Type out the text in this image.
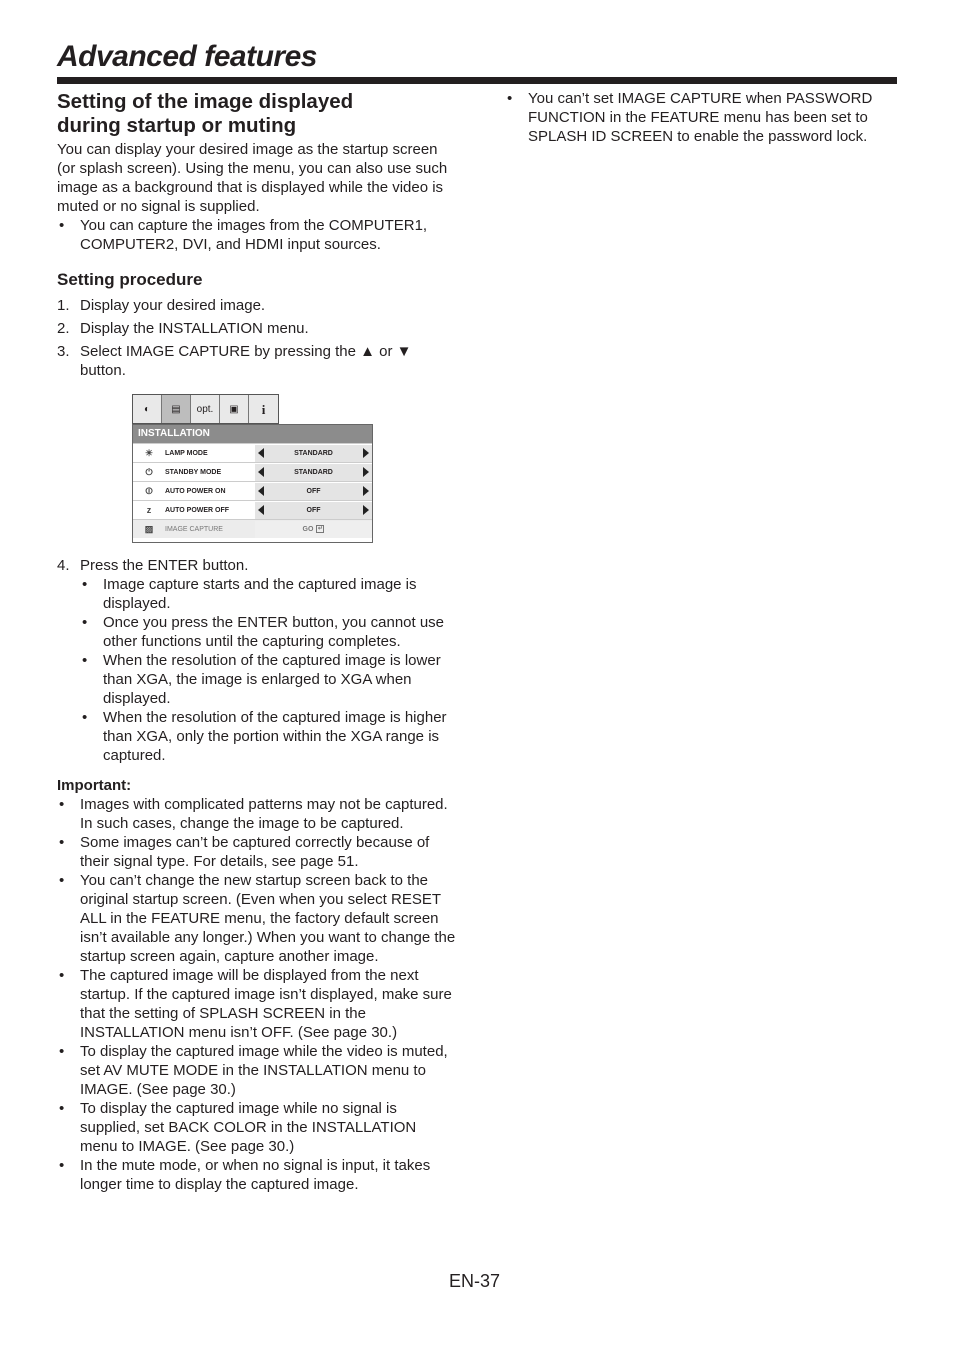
Advanced features
Setting of the image displayed
during startup or muting
You can display your desired image as the startup screen (or splash screen). Using the menu, you can also use such image as a background that is displayed while the video is muted or no signal is supplied.
• You can capture the images from the COMPUTER1, COMPUTER2, DVI, and HDMI input sources.
Setting procedure
1. Display your desired image.
2. Display the INSTALLATION menu.
3. Select IMAGE CAPTURE by pressing the ▲ or ▼ button.
◐	▤	opt.	▣	i
INSTALLATION
☀	LAMP MODE	STANDARD
⏻	STANDBY MODE	STANDARD
⏼	AUTO POWER ON	OFF
z	AUTO POWER OFF	OFF
▨	IMAGE CAPTURE	GO ↵
4. Press the ENTER button.
• Image capture starts and the captured image is displayed.
• Once you press the ENTER button, you cannot use other functions until the capturing completes.
• When the resolution of the captured image is lower than XGA, the image is enlarged to XGA when displayed.
• When the resolution of the captured image is higher than XGA, only the portion within the XGA range is captured.
Important:
• Images with complicated patterns may not be captured. In such cases, change the image to be captured.
• Some images can’t be captured correctly because of their signal type. For details, see page 51.
• You can’t change the new startup screen back to the original startup screen. (Even when you select RESET ALL in the FEATURE menu, the factory default screen isn’t available any longer.) When you want to change the startup screen again, capture another image.
• The captured image will be displayed from the next startup. If the captured image isn’t displayed, make sure that the setting of SPLASH SCREEN in the INSTALLATION menu isn’t OFF. (See page 30.)
• To display the captured image while the video is muted, set AV MUTE MODE in the INSTALLATION menu to IMAGE. (See page 30.)
• To display the captured image while no signal is supplied, set BACK COLOR in the INSTALLATION menu to IMAGE. (See page 30.)
• In the mute mode, or when no signal is input, it takes longer time to display the captured image.
• You can’t set IMAGE CAPTURE when PASSWORD FUNCTION in the FEATURE menu has been set to SPLASH ID SCREEN to enable the password lock.
EN-37
